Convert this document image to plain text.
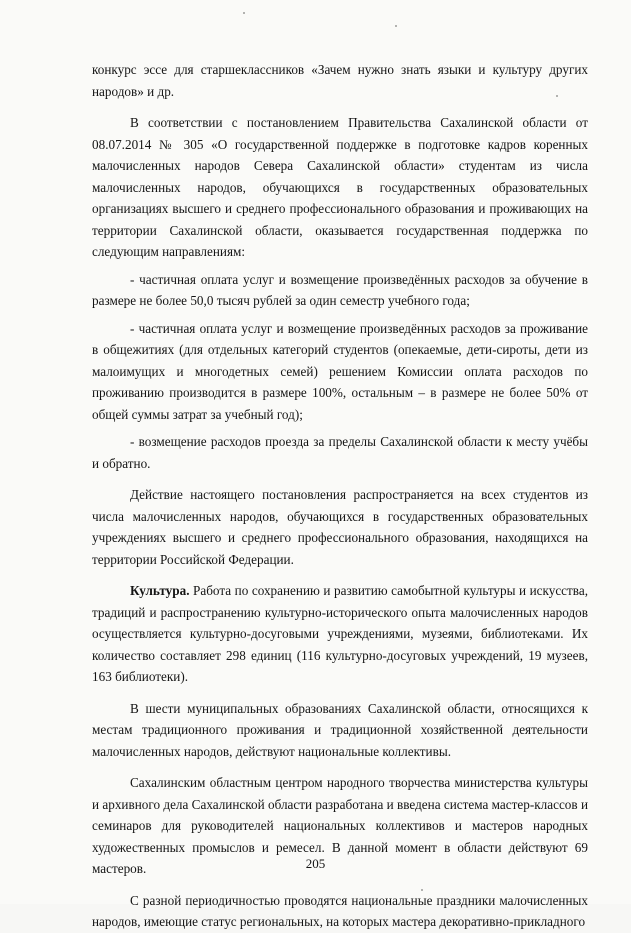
конкурс эссе для старшеклассников «Зачем нужно знать языки и культуру других народов» и др.

В соответствии с постановлением Правительства Сахалинской области от 08.07.2014 № 305 «О государственной поддержке в подготовке кадров коренных малочисленных народов Севера Сахалинской области» студентам из числа малочисленных народов, обучающихся в государственных образовательных организациях высшего и среднего профессионального образования и проживающих на территории Сахалинской области, оказывается государственная поддержка по следующим направлениям:

- частичная оплата услуг и возмещение произведённых расходов за обучение в размере не более 50,0 тысяч рублей за один семестр учебного года;

- частичная оплата услуг и возмещение произведённых расходов за проживание в общежитиях (для отдельных категорий студентов (опекаемые, дети-сироты, дети из малоимущих и многодетных семей) решением Комиссии оплата расходов по проживанию производится в размере 100%, остальным – в размере не более 50% от общей суммы затрат за учебный год);

- возмещение расходов проезда за пределы Сахалинской области к месту учёбы и обратно.

Действие настоящего постановления распространяется на всех студентов из числа малочисленных народов, обучающихся в государственных образовательных учреждениях высшего и среднего профессионального образования, находящихся на территории Российской Федерации.

Культура. Работа по сохранению и развитию самобытной культуры и искусства, традиций и распространению культурно-исторического опыта малочисленных народов осуществляется культурно-досуговыми учреждениями, музеями, библиотеками. Их количество составляет 298 единиц (116 культурно-досуговых учреждений, 19 музеев, 163 библиотеки).

В шести муниципальных образованиях Сахалинской области, относящихся к местам традиционного проживания и традиционной хозяйственной деятельности малочисленных народов, действуют национальные коллективы.

Сахалинским областным центром народного творчества министерства культуры и архивного дела Сахалинской области разработана и введена система мастер-классов и семинаров для руководителей национальных коллективов и мастеров народных художественных промыслов и ремесел. В данной момент в области действуют 69 мастеров.

С разной периодичностью проводятся национальные праздники малочисленных народов, имеющие статус региональных, на которых мастера декоративно-прикладного

205
